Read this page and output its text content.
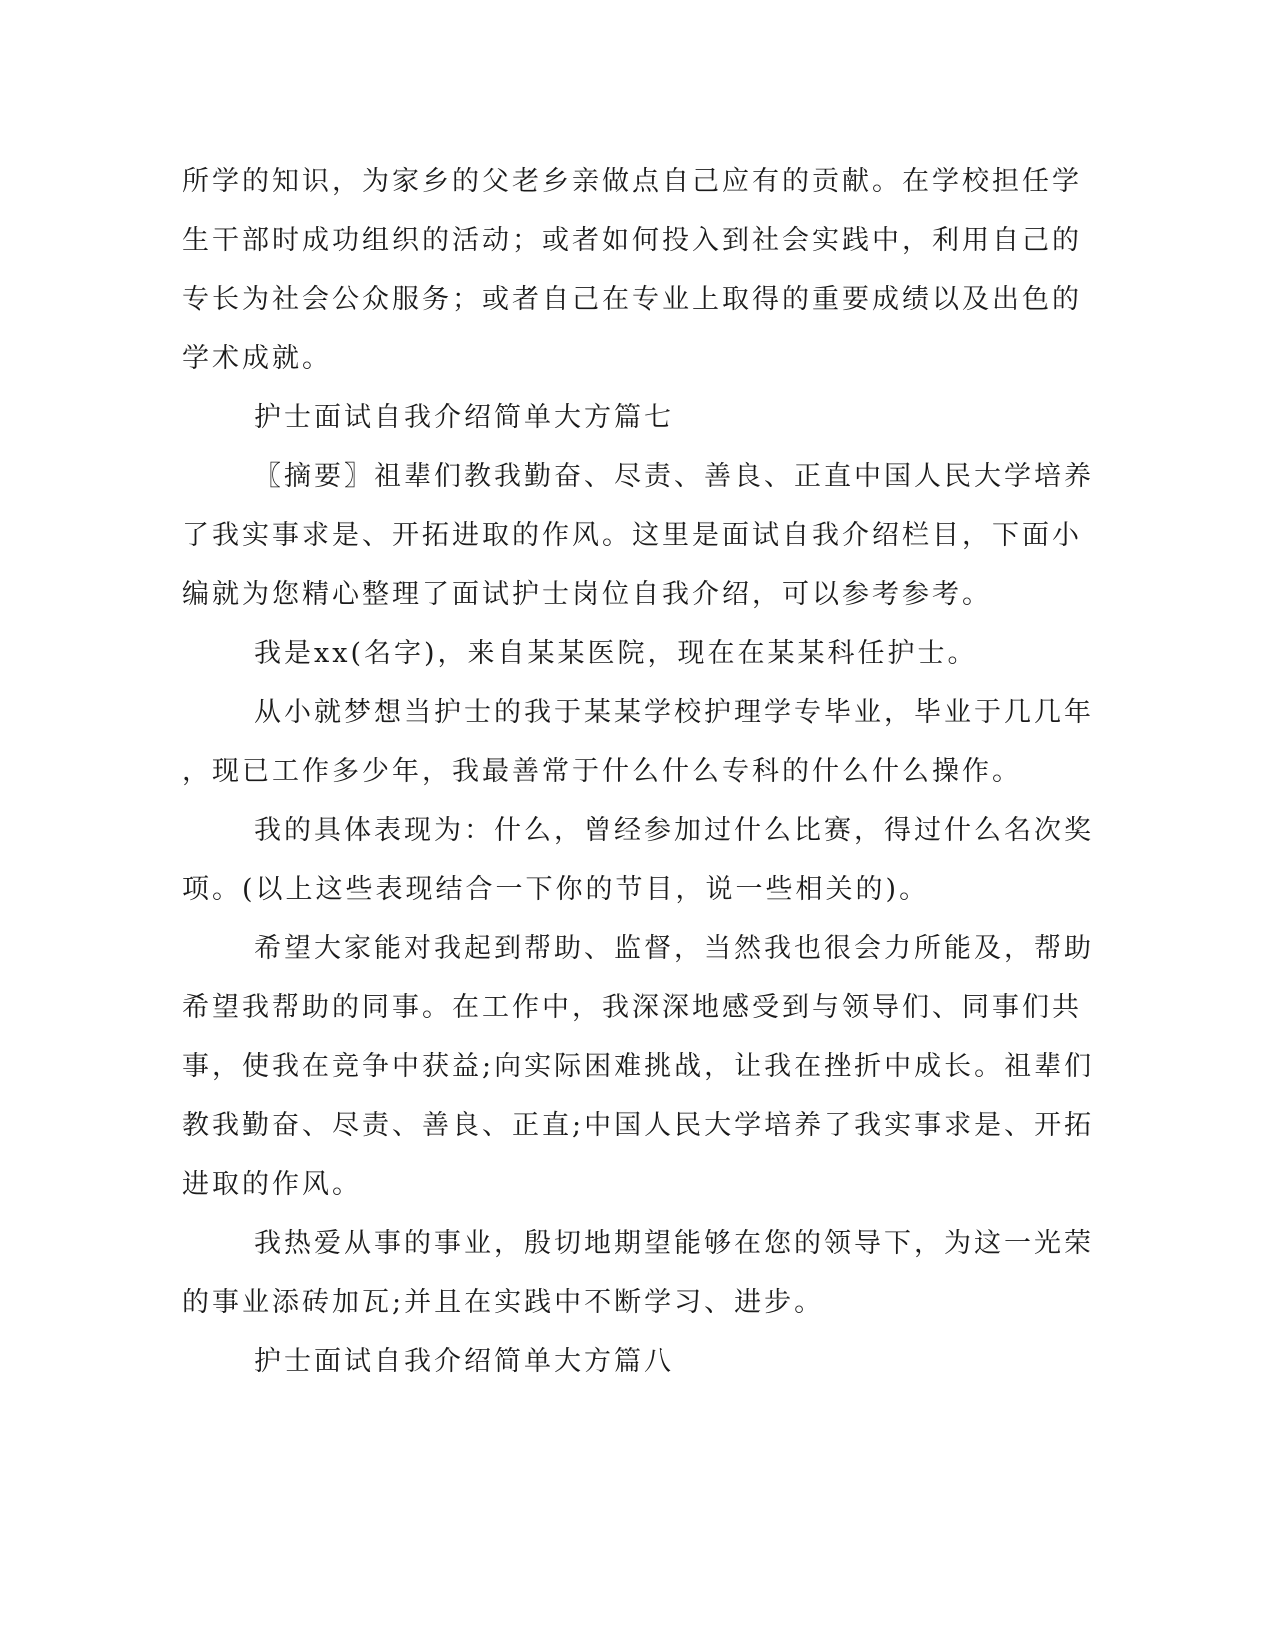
所学的知识，为家乡的父老乡亲做点自己应有的贡献。在学校担任学
生干部时成功组织的活动；或者如何投入到社会实践中，利用自己的
专长为社会公众服务；或者自己在专业上取得的重要成绩以及出色的
学术成就。
护士面试自我介绍简单大方篇七
〖摘要〗祖辈们教我勤奋、尽责、善良、正直中国人民大学培养
了我实事求是、开拓进取的作风。这里是面试自我介绍栏目，下面小
编就为您精心整理了面试护士岗位自我介绍，可以参考参考。
我是xx(名字)，来自某某医院，现在在某某科任护士。
从小就梦想当护士的我于某某学校护理学专毕业，毕业于几几年
，现已工作多少年，我最善常于什么什么专科的什么什么操作。
我的具体表现为：什么，曾经参加过什么比赛，得过什么名次奖
项。(以上这些表现结合一下你的节目，说一些相关的)。
希望大家能对我起到帮助、监督，当然我也很会力所能及，帮助
希望我帮助的同事。在工作中，我深深地感受到与领导们、同事们共
事，使我在竞争中获益;向实际困难挑战，让我在挫折中成长。祖辈们
教我勤奋、尽责、善良、正直;中国人民大学培养了我实事求是、开拓
进取的作风。
我热爱从事的事业，殷切地期望能够在您的领导下，为这一光荣
的事业添砖加瓦;并且在实践中不断学习、进步。
护士面试自我介绍简单大方篇八
